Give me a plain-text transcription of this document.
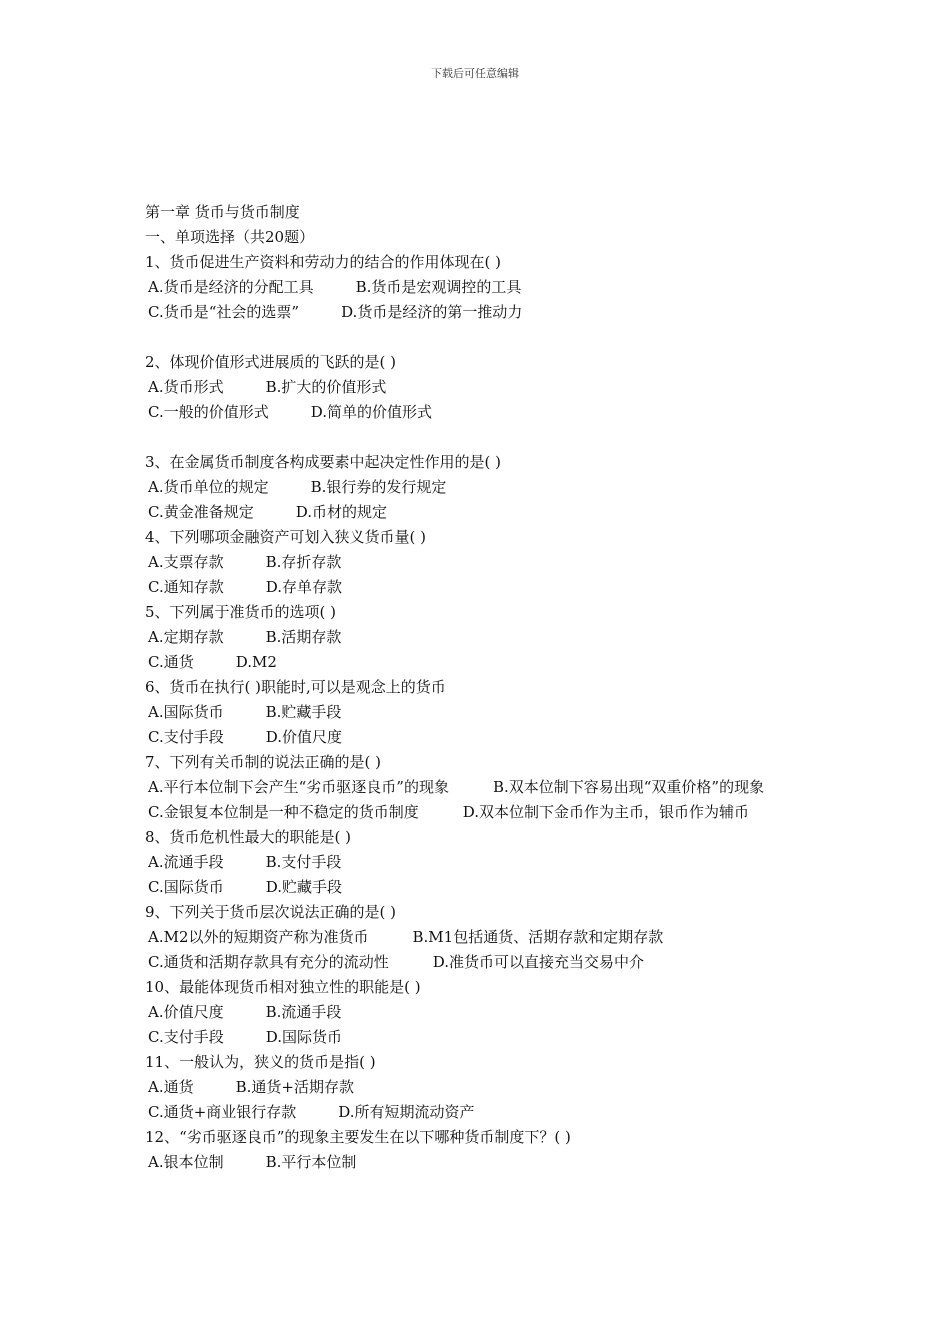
下载后可任意编辑

第一章 货币与货币制度

一、单项选择（共20题）

1、货币促进生产资料和劳动力的结合的作用体现在( )

A.货币是经济的分配工具	B.货币是宏观调控的工具

C.货币是“社会的选票”	D.货币是经济的第一推动力

2、体现价值形式进展质的飞跃的是( )

A.货币形式	B.扩大的价值形式

C.一般的价值形式	D.简单的价值形式

3、在金属货币制度各构成要素中起决定性作用的是( )

A.货币单位的规定	B.银行券的发行规定

C.黄金准备规定	D.币材的规定

4、下列哪项金融资产可划入狭义货币量( )

A.支票存款	B.存折存款

C.通知存款	D.存单存款

5、下列属于准货币的选项( )

A.定期存款	B.活期存款

C.通货	D.M2

6、货币在执行( )职能时,可以是观念上的货币

A.国际货币	B.贮藏手段

C.支付手段	D.价值尺度

7、下列有关币制的说法正确的是( )

A.平行本位制下会产生“劣币驱逐良币”的现象	B.双本位制下容易出现“双重价格”的现象

C.金银复本位制是一种不稳定的货币制度	D.双本位制下金币作为主币，银币作为辅币

8、货币危机性最大的职能是( )

A.流通手段	B.支付手段

C.国际货币	D.贮藏手段

9、下列关于货币层次说法正确的是( )

A.M2以外的短期资产称为准货币	B.M1包括通货、活期存款和定期存款

C.通货和活期存款具有充分的流动性	D.准货币可以直接充当交易中介

10、最能体现货币相对独立性的职能是( )

A.价值尺度	B.流通手段

C.支付手段	D.国际货币

11、一般认为，狭义的货币是指( )

A.通货	B.通货+活期存款

C.通货+商业银行存款	D.所有短期流动资产

12、“劣币驱逐良币”的现象主要发生在以下哪种货币制度下？( )

A.银本位制	B.平行本位制
